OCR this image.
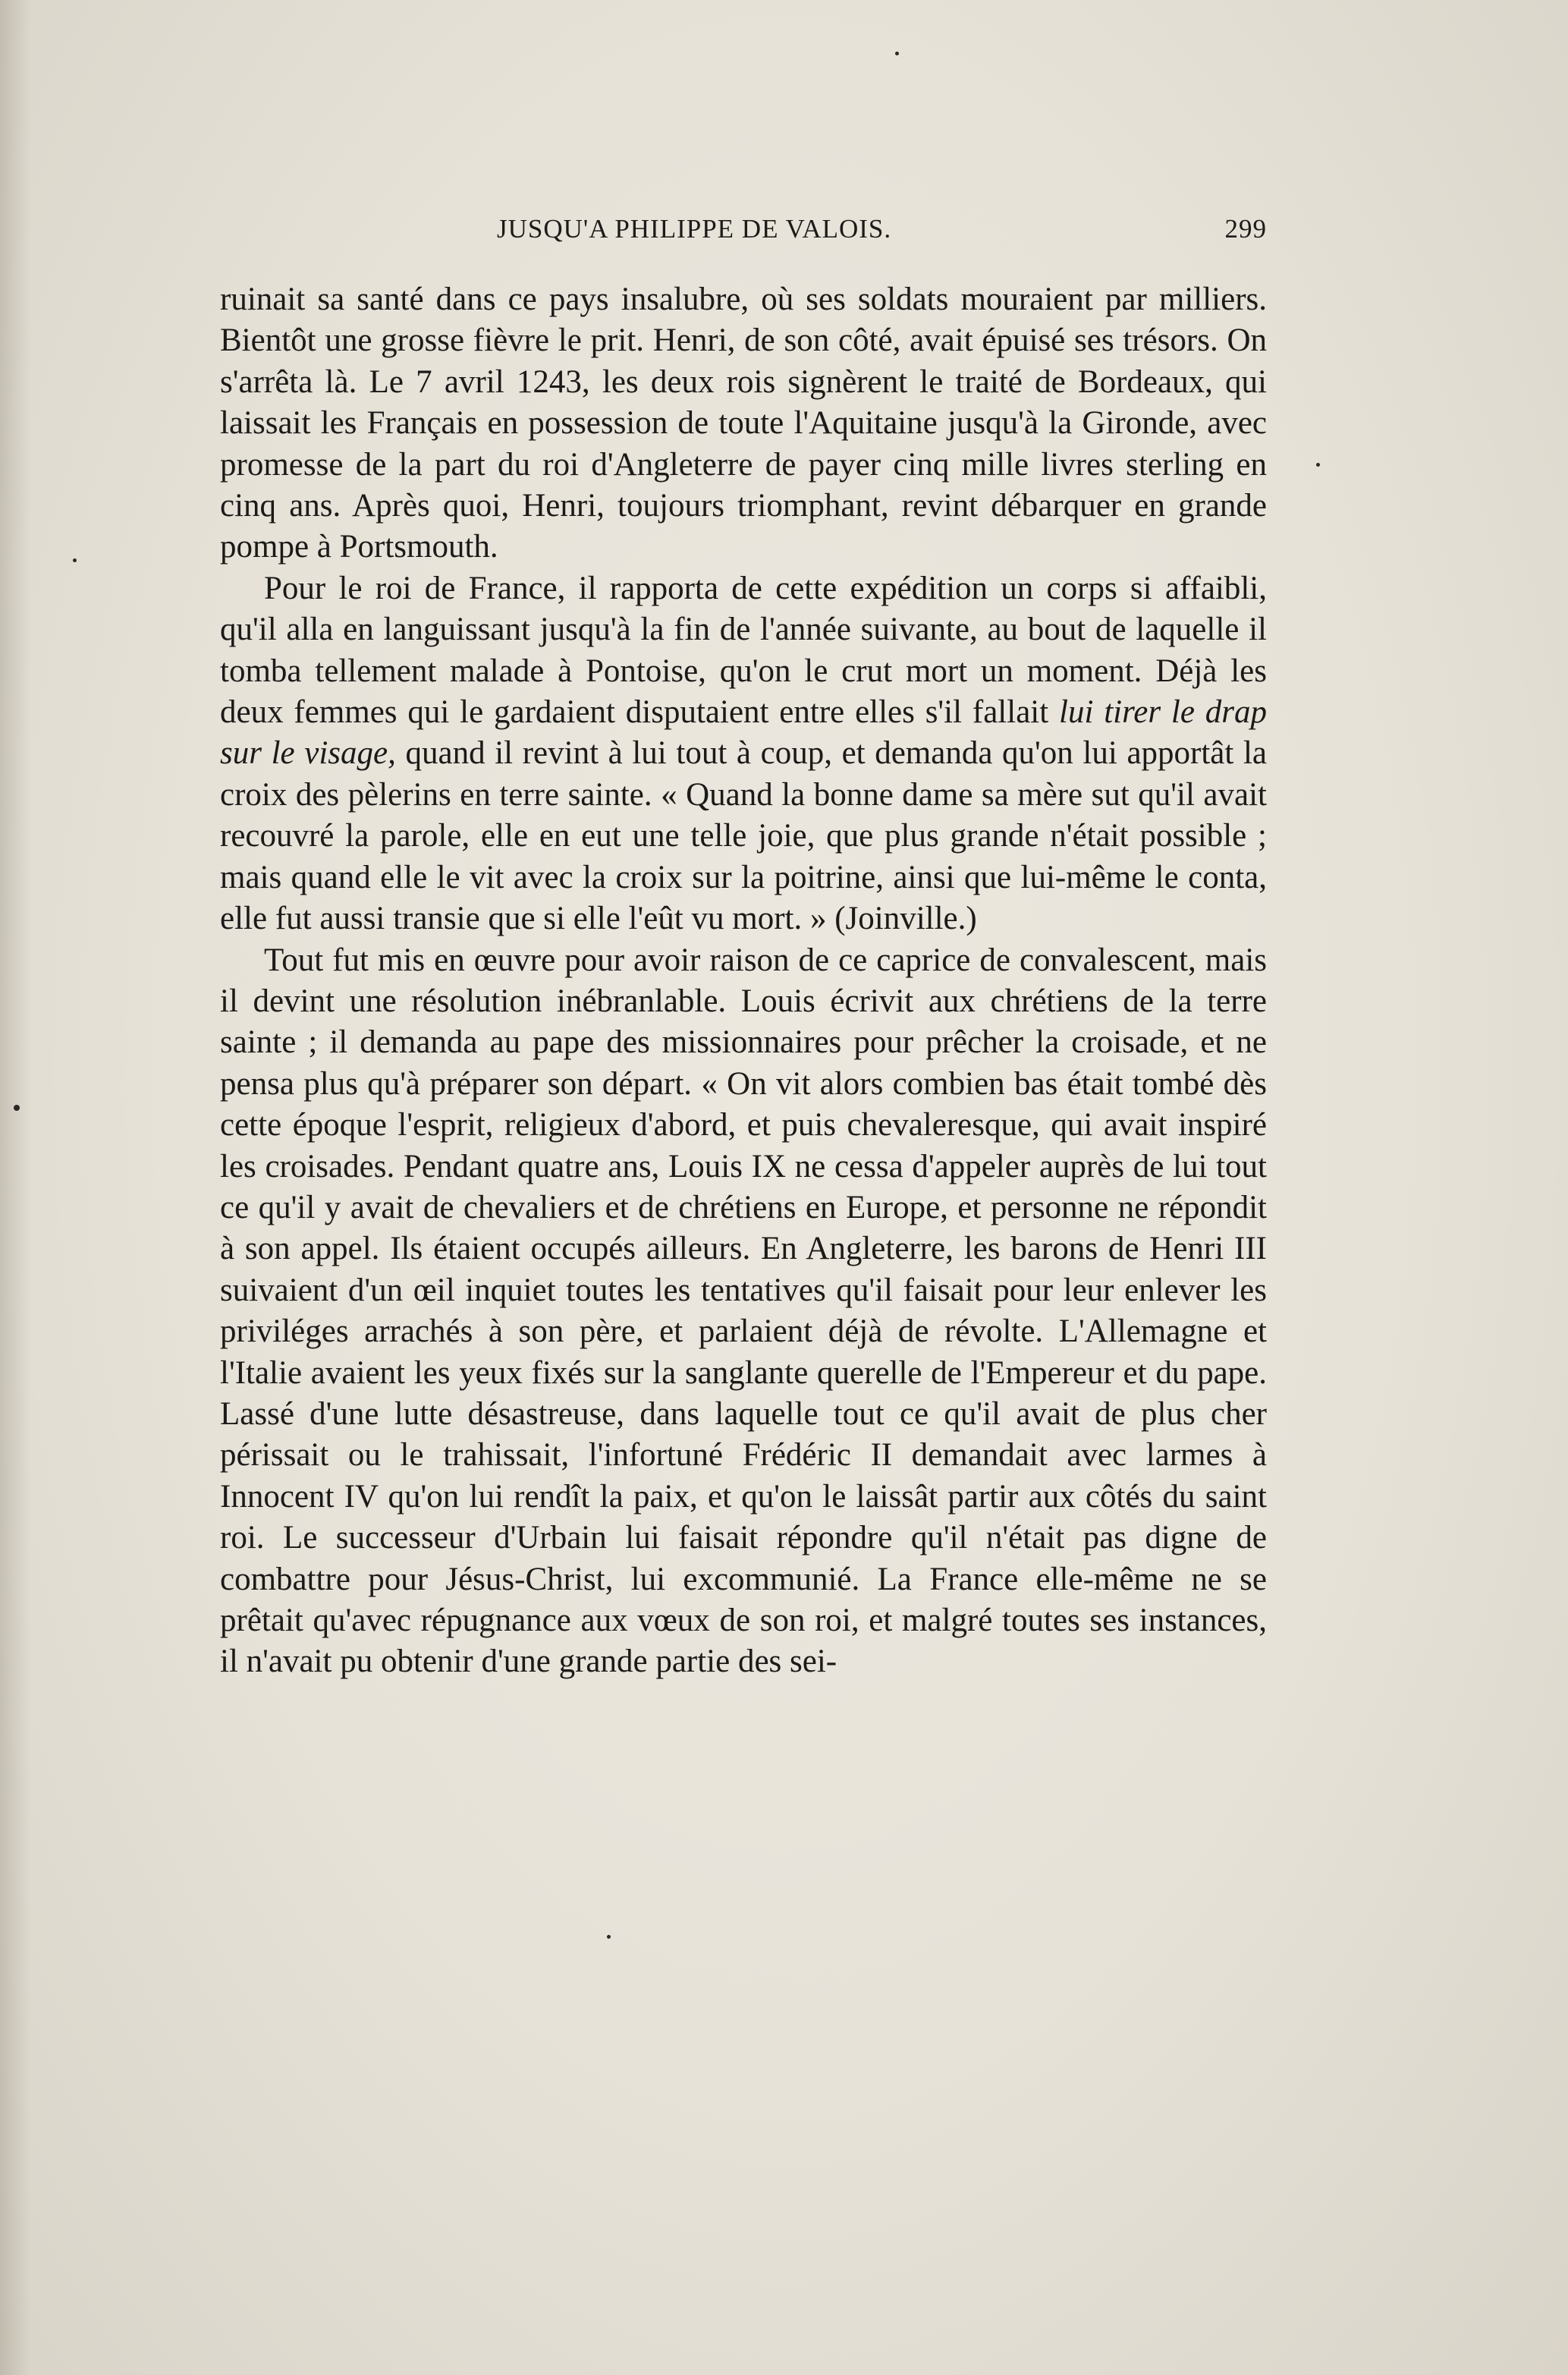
JUSQU'A PHILIPPE DE VALOIS.	299

ruinait sa santé dans ce pays insalubre, où ses soldats mouraient par milliers. Bientôt une grosse fièvre le prit. Henri, de son côté, avait épuisé ses trésors. On s'arrêta là. Le 7 avril 1243, les deux rois signèrent le traité de Bordeaux, qui laissait les Français en possession de toute l'Aquitaine jusqu'à la Gironde, avec promesse de la part du roi d'Angleterre de payer cinq mille livres sterling en cinq ans. Après quoi, Henri, toujours triomphant, revint débarquer en grande pompe à Portsmouth.

Pour le roi de France, il rapporta de cette expédition un corps si affaibli, qu'il alla en languissant jusqu'à la fin de l'année suivante, au bout de laquelle il tomba tellement malade à Pontoise, qu'on le crut mort un moment. Déjà les deux femmes qui le gardaient disputaient entre elles s'il fallait lui tirer le drap sur le visage, quand il revint à lui tout à coup, et demanda qu'on lui apportât la croix des pèlerins en terre sainte. « Quand la bonne dame sa mère sut qu'il avait recouvré la parole, elle en eut une telle joie, que plus grande n'était possible ; mais quand elle le vit avec la croix sur la poitrine, ainsi que lui-même le conta, elle fut aussi transie que si elle l'eût vu mort. » (Joinville.)

Tout fut mis en œuvre pour avoir raison de ce caprice de convalescent, mais il devint une résolution inébranlable. Louis écrivit aux chrétiens de la terre sainte ; il demanda au pape des missionnaires pour prêcher la croisade, et ne pensa plus qu'à préparer son départ. « On vit alors combien bas était tombé dès cette époque l'esprit, religieux d'abord, et puis chevaleresque, qui avait inspiré les croisades. Pendant quatre ans, Louis IX ne cessa d'appeler auprès de lui tout ce qu'il y avait de chevaliers et de chrétiens en Europe, et personne ne répondit à son appel. Ils étaient occupés ailleurs. En Angleterre, les barons de Henri III suivaient d'un œil inquiet toutes les tentatives qu'il faisait pour leur enlever les priviléges arrachés à son père, et parlaient déjà de révolte. L'Allemagne et l'Italie avaient les yeux fixés sur la sanglante querelle de l'Empereur et du pape. Lassé d'une lutte désastreuse, dans laquelle tout ce qu'il avait de plus cher périssait ou le trahissait, l'infortuné Frédéric II demandait avec larmes à Innocent IV qu'on lui rendît la paix, et qu'on le laissât partir aux côtés du saint roi. Le successeur d'Urbain lui faisait répondre qu'il n'était pas digne de combattre pour Jésus-Christ, lui excommunié. La France elle-même ne se prêtait qu'avec répugnance aux vœux de son roi, et malgré toutes ses instances, il n'avait pu obtenir d'une grande partie des sei-
